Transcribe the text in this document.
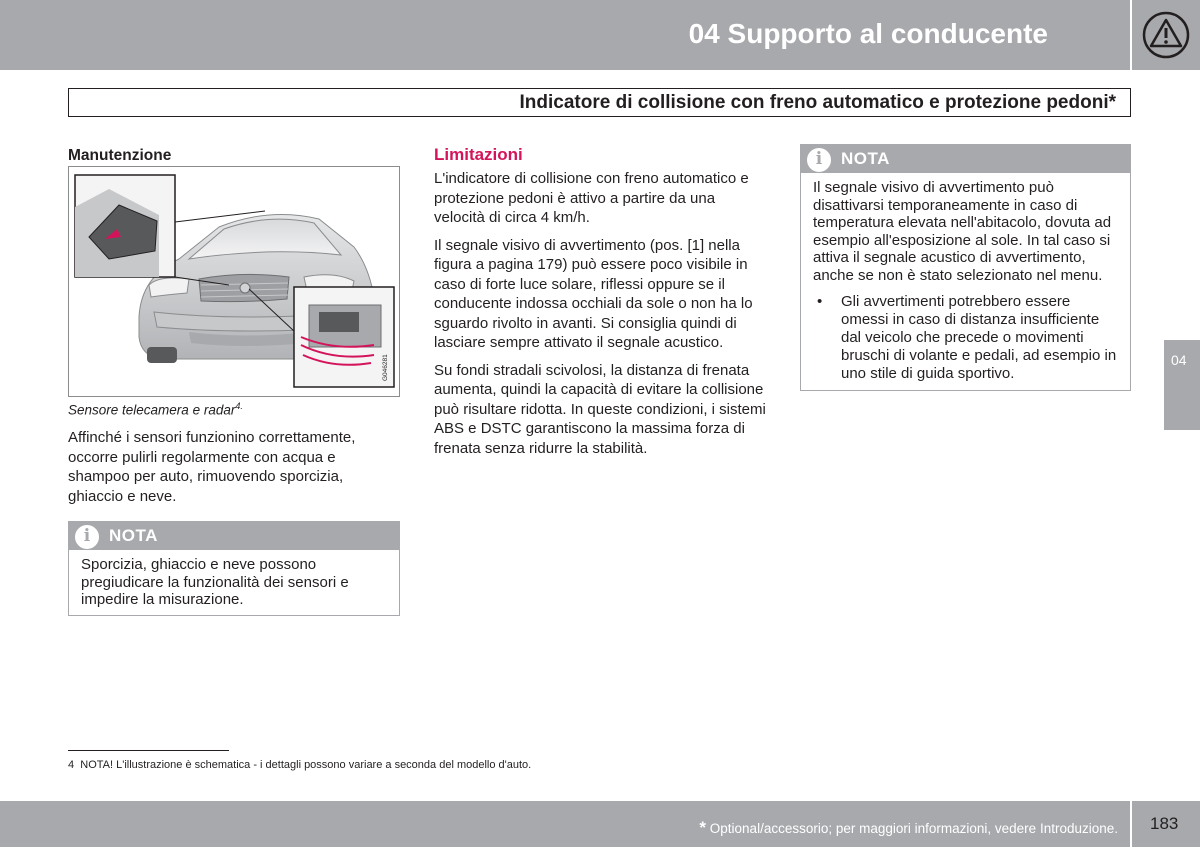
04 Supporto al conducente
Indicatore di collisione con freno automatico e protezione pedoni*
Manutenzione
G046281
Sensore telecamera e radar$^{4.}$
Affinché i sensori funzionino correttamente, occorre pulirli regolarmente con acqua e shampoo per auto, rimuovendo sporcizia, ghiaccio e neve.
i	NOTA
Sporcizia, ghiaccio e neve possono pregiudicare la funzionalità dei sensori e impedire la misurazione.
Limitazioni

L'indicatore di collisione con freno automatico e protezione pedoni è attivo a partire da una velocità di circa 4 km/h.

Il segnale visivo di avvertimento (pos. [1] nella figura a pagina 179) può essere poco visibile in caso di forte luce solare, riflessi oppure se il conducente indossa occhiali da sole o non ha lo sguardo rivolto in avanti. Si consiglia quindi di lasciare sempre attivato il segnale acustico.

Su fondi stradali scivolosi, la distanza di frenata aumenta, quindi la capacità di evitare la collisione può risultare ridotta. In queste condizioni, i sistemi ABS e DSTC garantiscono la massima forza di frenata senza ridurre la stabilità.

i	NOTA

Il segnale visivo di avvertimento può disattivarsi temporaneamente in caso di temperatura elevata nell'abitacolo, dovuta ad esempio all'esposizione al sole. In tal caso si attiva il segnale acustico di avvertimento, anche se non è stato selezionato nel menu.

• Gli avvertimenti potrebbero essere omessi in caso di distanza insufficiente dal veicolo che precede o movimenti bruschi di volante e pedali, ad esempio in uno stile di guida sportivo.

04
4 NOTA! L'illustrazione è schematica - i dettagli possono variare a seconda del modello d'auto.
* Optional/accessorio; per maggiori informazioni, vedere Introduzione. 183
